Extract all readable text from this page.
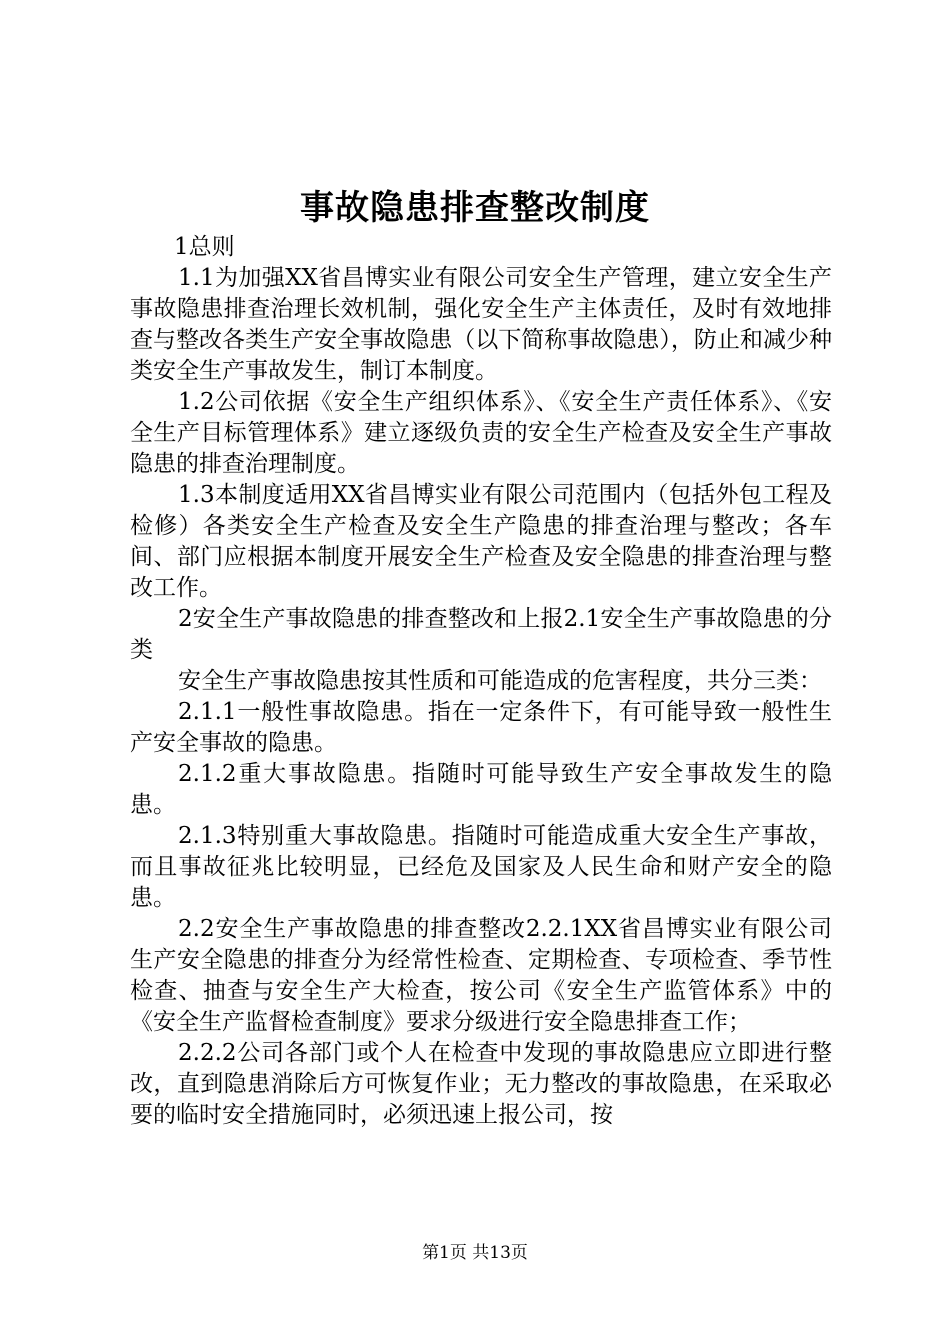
事故隐患排查整改制度

1总则

1.1为加强XX省昌博实业有限公司安全生产管理，建立安全生产事故隐患排查治理长效机制，强化安全生产主体责任，及时有效地排查与整改各类生产安全事故隐患（以下简称事故隐患），防止和减少种类安全生产事故发生，制订本制度。

1.2公司依据《安全生产组织体系》、《安全生产责任体系》、《安全生产目标管理体系》建立逐级负责的安全生产检查及安全生产事故隐患的排查治理制度。

1.3本制度适用XX省昌博实业有限公司范围内（包括外包工程及检修）各类安全生产检查及安全生产隐患的排查治理与整改；各车间、部门应根据本制度开展安全生产检查及安全隐患的排查治理与整改工作。

2安全生产事故隐患的排查整改和上报2.1安全生产事故隐患的分类

安全生产事故隐患按其性质和可能造成的危害程度，共分三类：

2.1.1一般性事故隐患。指在一定条件下，有可能导致一般性生产安全事故的隐患。

2.1.2重大事故隐患。指随时可能导致生产安全事故发生的隐患。

2.1.3特别重大事故隐患。指随时可能造成重大安全生产事故，而且事故征兆比较明显，已经危及国家及人民生命和财产安全的隐患。

2.2安全生产事故隐患的排查整改2.2.1XX省昌博实业有限公司生产安全隐患的排查分为经常性检查、定期检查、专项检查、季节性检查、抽查与安全生产大检查，按公司《安全生产监管体系》中的《安全生产监督检查制度》要求分级进行安全隐患排查工作；

2.2.2公司各部门或个人在检查中发现的事故隐患应立即进行整改，直到隐患消除后方可恢复作业；无力整改的事故隐患，在采取必要的临时安全措施同时，必须迅速上报公司，按

第1页 共13页
